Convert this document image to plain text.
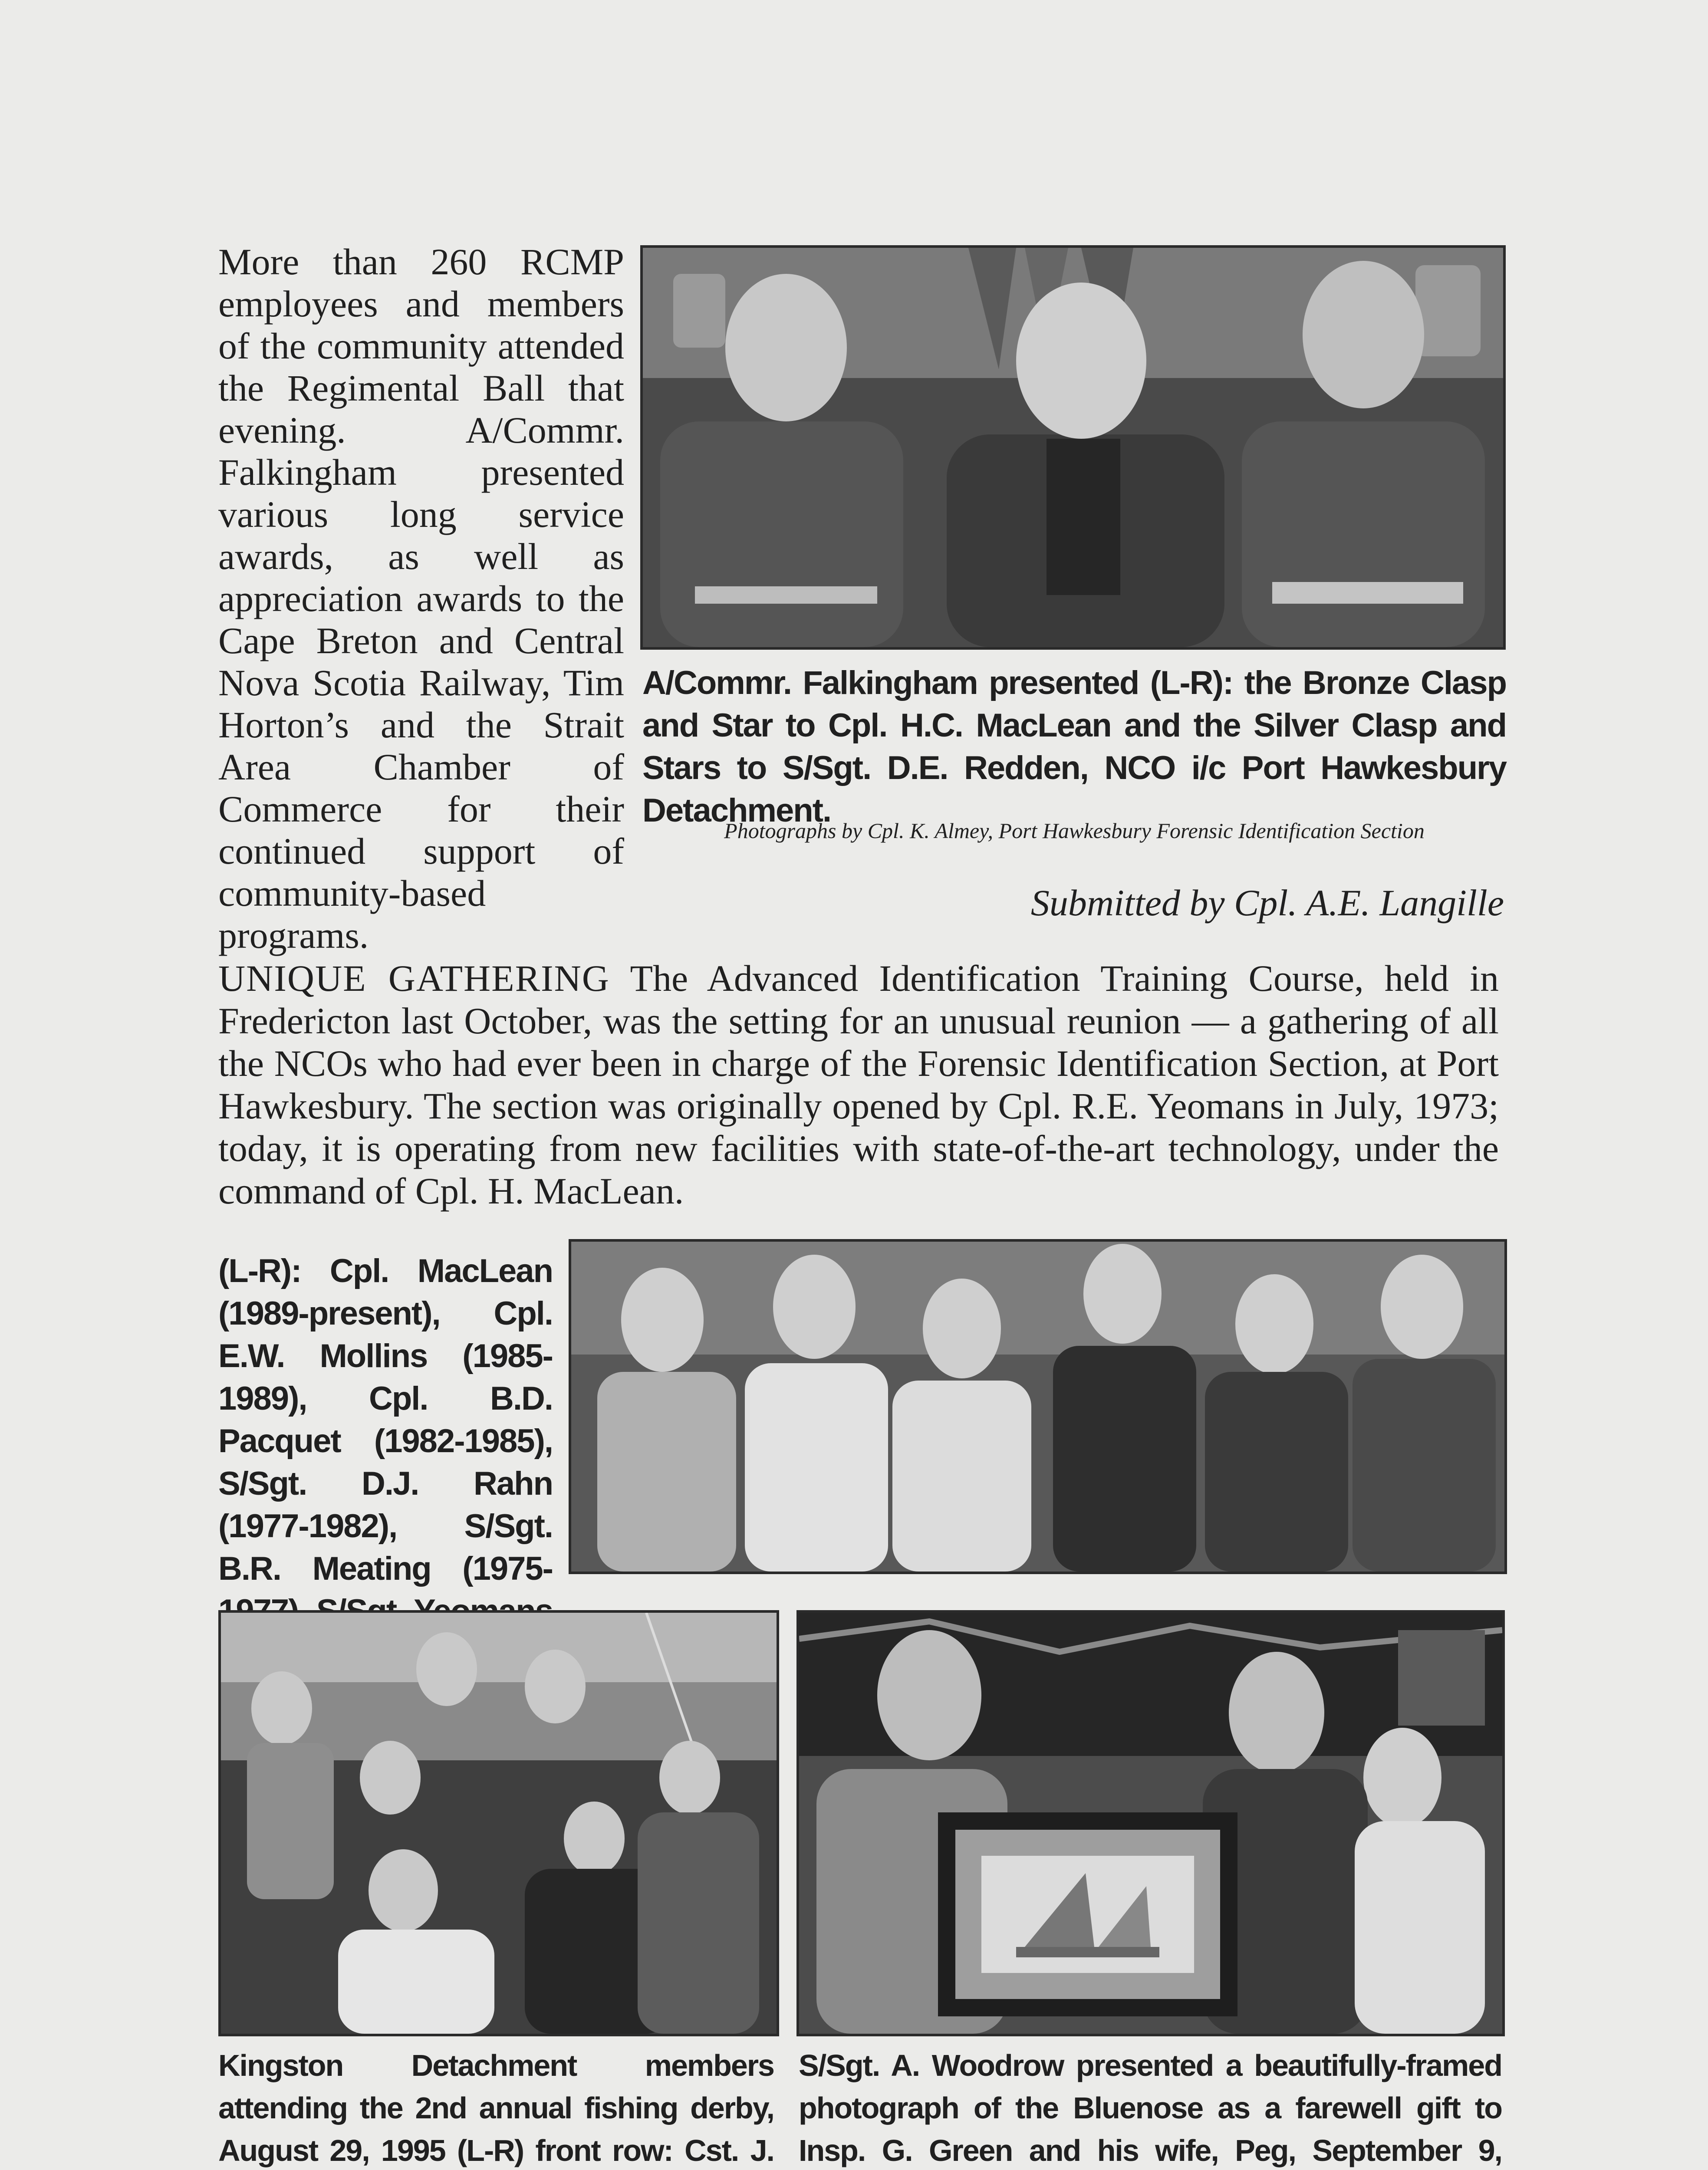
More than 260 RCMP employees and members of the community attended the Regimental Ball that evening. A/Commr. Falkingham presented various long service awards, as well as appreciation awards to the Cape Breton and Central Nova Scotia Railway, Tim Horton’s and the Strait Area Chamber of Commerce for their continued support of community-based programs.
A/Commr. Falkingham presented (L-R): the Bronze Clasp and Star to Cpl. H.C. MacLean and the Silver Clasp and Stars to S/Sgt. D.E. Redden, NCO i/c Port Hawkesbury Detachment.
Photographs by Cpl. K. Almey, Port Hawkesbury Forensic Identification Section
Submitted by Cpl. A.E. Langille
UNIQUE GATHERING The Advanced Identification Training Course, held in Fredericton last October, was the setting for an unusual reunion — a gathering of all the NCOs who had ever been in charge of the Forensic Identification Section, at Port Hawkesbury. The section was originally opened by Cpl. R.E. Yeomans in July, 1973; today, it is operating from new facilities with state-of-the-art technology, under the command of Cpl. H. MacLean.
(L-R): Cpl. MacLean (1989-present), Cpl. E.W. Mollins (1985-1989), Cpl. B.D. Pacquet (1982-1985), S/Sgt. D.J. Rahn (1977-1982), S/Sgt. B.R. Meating (1975-
Kingston Detachment members attending the 2nd annual fishing derby, August 29, 1995 (L-R) front row: Cst. J.
S/Sgt. A. Woodrow presented a beautifully-framed photograph of the Bluenose as a farewell gift to Insp. G. Green and his wife, Peg, September 9,
